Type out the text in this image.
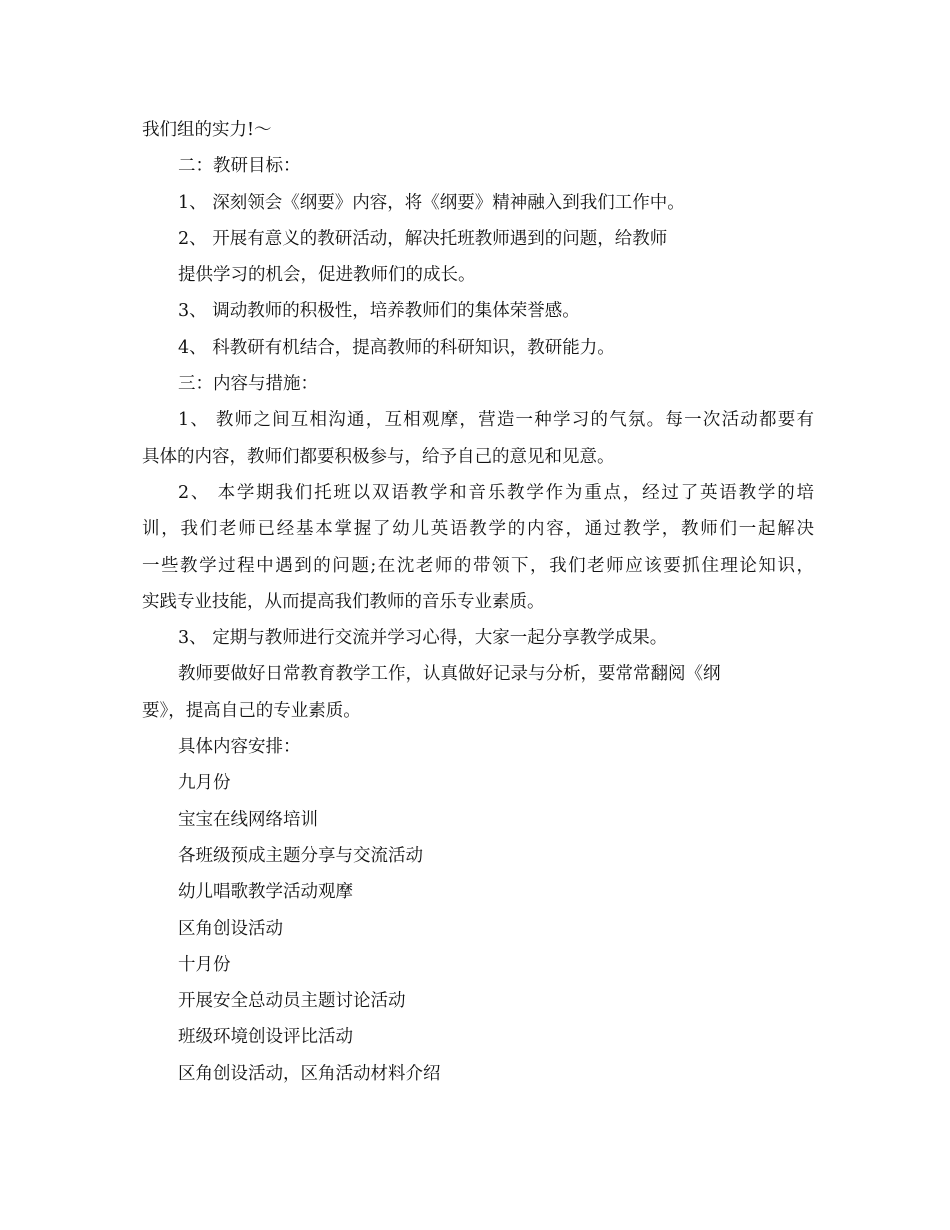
我们组的实力!～
二：教研目标：
1、 深刻领会《纲要》内容，将《纲要》精神融入到我们工作中。
2、 开展有意义的教研活动，解决托班教师遇到的问题，给教师
提供学习的机会，促进教师们的成长。
3、 调动教师的积极性，培养教师们的集体荣誉感。
4、 科教研有机结合，提高教师的科研知识，教研能力。
三：内容与措施：
1、 教师之间互相沟通，互相观摩，营造一种学习的气氛。每一次活动都要有
具体的内容，教师们都要积极参与，给予自己的意见和见意。
2、 本学期我们托班以双语教学和音乐教学作为重点，经过了英语教学的培
训，我们老师已经基本掌握了幼儿英语教学的内容，通过教学，教师们一起解决
一些教学过程中遇到的问题;在沈老师的带领下，我们老师应该要抓住理论知识，
实践专业技能，从而提高我们教师的音乐专业素质。
3、 定期与教师进行交流并学习心得，大家一起分享教学成果。
教师要做好日常教育教学工作，认真做好记录与分析，要常常翻阅《纲
要》，提高自己的专业素质。
具体内容安排：
九月份
宝宝在线网络培训
各班级预成主题分享与交流活动
幼儿唱歌教学活动观摩
区角创设活动
十月份
开展安全总动员主题讨论活动
班级环境创设评比活动
区角创设活动，区角活动材料介绍
